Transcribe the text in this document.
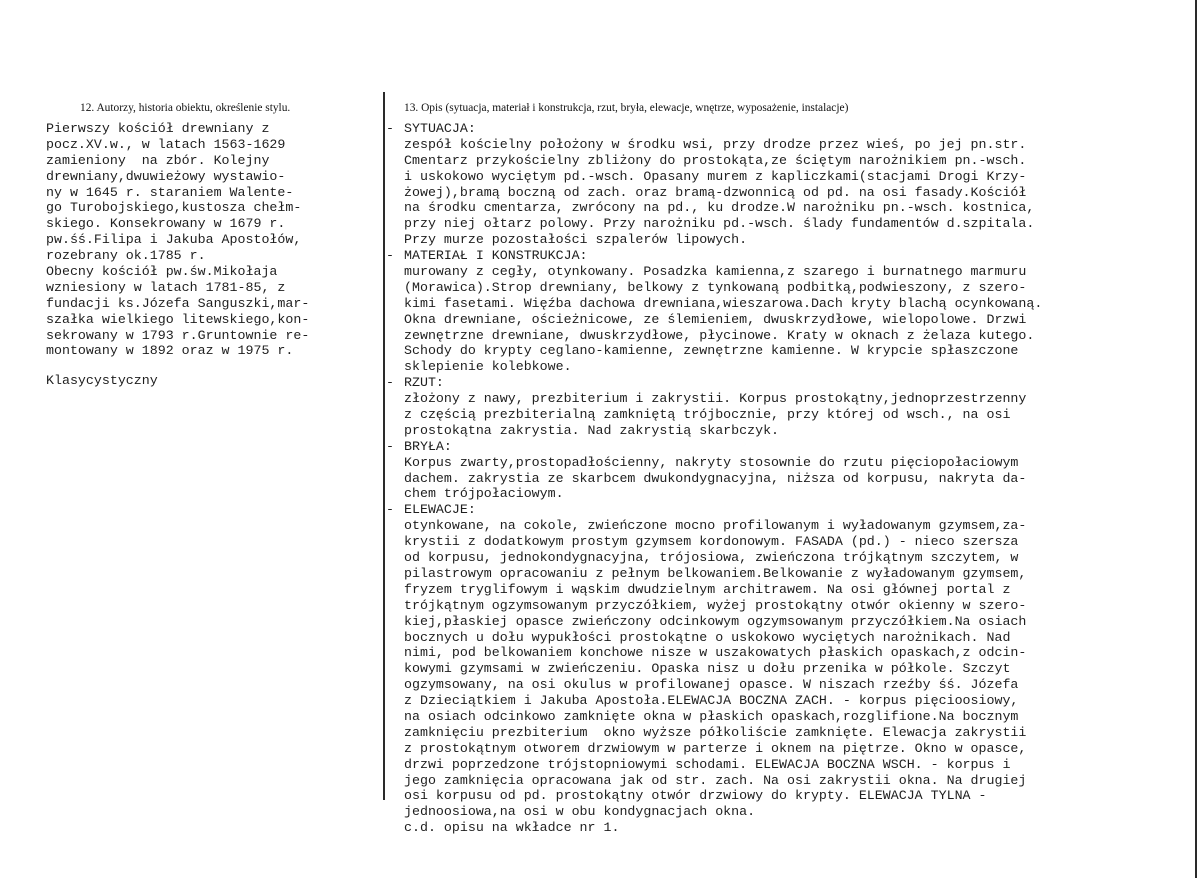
12. Autorzy, historia obiektu, określenie stylu.	13. Opis (sytuacja, materiał i konstrukcja, rzut, bryła, elewacje, wnętrze, wyposażenie, instalacje)
Pierwszy kościół drewniany z
pocz.XV.w., w latach 1563-1629
zamieniony  na zbór. Kolejny
drewniany,dwuwieżowy wystawio-
ny w 1645 r. staraniem Walente-
go Turobojskiego,kustosza chełm-
skiego. Konsekrowany w 1679 r.
pw.śś.Filipa i Jakuba Apostołów,
rozebrany ok.1785 r.
Obecny kościół pw.św.Mikołaja
wzniesiony w latach 1781-85, z
fundacji ks.Józefa Sanguszki,mar-
szałka wielkiego litewskiego,kon-
sekrowany w 1793 r.Gruntownie re-
montowany w 1892 oraz w 1975 r.
Klasycystyczny
- SYTUACJA:
zespół kościelny położony w środku wsi, przy drodze przez wieś, po jej pn.str.
Cmentarz przykościelny zbliżony do prostokąta,ze ściętym narożnikiem pn.-wsch.
i uskokowo wyciętym pd.-wsch. Opasany murem z kapliczkami(stacjami Drogi Krzy-
żowej),bramą boczną od zach. oraz bramą-dzwonnicą od pd. na osi fasady.Kościół
na środku cmentarza, zwrócony na pd., ku drodze.W narożniku pn.-wsch. kostnica,
przy niej ołtarz polowy. Przy narożniku pd.-wsch. ślady fundamentów d.szpitala.
Przy murze pozostałości szpalerów lipowych.
- MATERIAŁ I KONSTRUKCJA:
murowany z cegły, otynkowany. Posadzka kamienna,z szarego i burnatnego marmuru
(Morawica).Strop drewniany, belkowy z tynkowaną podbitką,podwieszony, z szero-
kimi fasetami. Więźba dachowa drewniana,wieszarowa.Dach kryty blachą ocynkowaną.
Okna drewniane, ościeżnicowe, ze ślemieniem, dwuskrzydłowe, wielopolowe. Drzwi
zewnętrzne drewniane, dwuskrzydłowe, płycinowe. Kraty w oknach z żelaza kutego.
Schody do krypty ceglano-kamienne, zewnętrzne kamienne. W krypcie spłaszczone
sklepienie kolebkowe.
- RZUT:
złożony z nawy, prezbiterium i zakrystii. Korpus prostokątny,jednoprzestrzenny
z częścią prezbiterialną zamkniętą trójbocznie, przy której od wsch., na osi
prostokątna zakrystia. Nad zakrystią skarbczyk.
- BRYŁA:
Korpus zwarty,prostopadłościenny, nakryty stosownie do rzutu pięciopołaciowym
dachem. zakrystia ze skarbcem dwukondygnacyjna, niższa od korpusu, nakryta da-
chem trójpołaciowym.
- ELEWACJE:
otynkowane, na cokole, zwieńczone mocno profilowanym i wyładowanym gzymsem,za-
krystii z dodatkowym prostym gzymsem kordonowym. FASADA (pd.) - nieco szersza
od korpusu, jednokondygnacyjna, trójosiowa, zwieńczona trójkątnym szczytem, w
pilastrowym opracowaniu z pełnym belkowaniem.Belkowanie z wyładowanym gzymsem,
fryzem tryglifowym i wąskim dwudzielnym architrawem. Na osi głównej portal z
trójkątnym ogzymsowanym przyczółkiem, wyżej prostokątny otwór okienny w szero-
kiej,płaskiej opasce zwieńczony odcinkowym ogzymsowanym przyczółkiem.Na osiach
bocznych u dołu wypukłości prostokątne o uskokowo wyciętych narożnikach. Nad
nimi, pod belkowaniem konchowe nisze w uszakowatych płaskich opaskach,z odcin-
kowymi gzymsami w zwieńczeniu. Opaska nisz u dołu przenika w półkole. Szczyt
ogzymsowany, na osi okulus w profilowanej opasce. W niszach rzeźby śś. Józefa
z Dzieciątkiem i Jakuba Apostoła.ELEWACJA BOCZNA ZACH. - korpus pięcioosiowy,
na osiach odcinkowo zamknięte okna w płaskich opaskach,rozglifione.Na bocznym
zamknięciu prezbiterium  okno wyższe półkoliście zamknięte. Elewacja zakrystii
z prostokątnym otworem drzwiowym w parterze i oknem na piętrze. Okno w opasce,
drzwi poprzedzone trójstopniowymi schodami. ELEWACJA BOCZNA WSCH. - korpus i
jego zamknięcia opracowana jak od str. zach. Na osi zakrystii okna. Na drugiej
osi korpusu od pd. prostokątny otwór drzwiowy do krypty. ELEWACJA TYLNA -
jednoosiowa,na osi w obu kondygnacjach okna.
c.d. opisu na wkładce nr 1.
